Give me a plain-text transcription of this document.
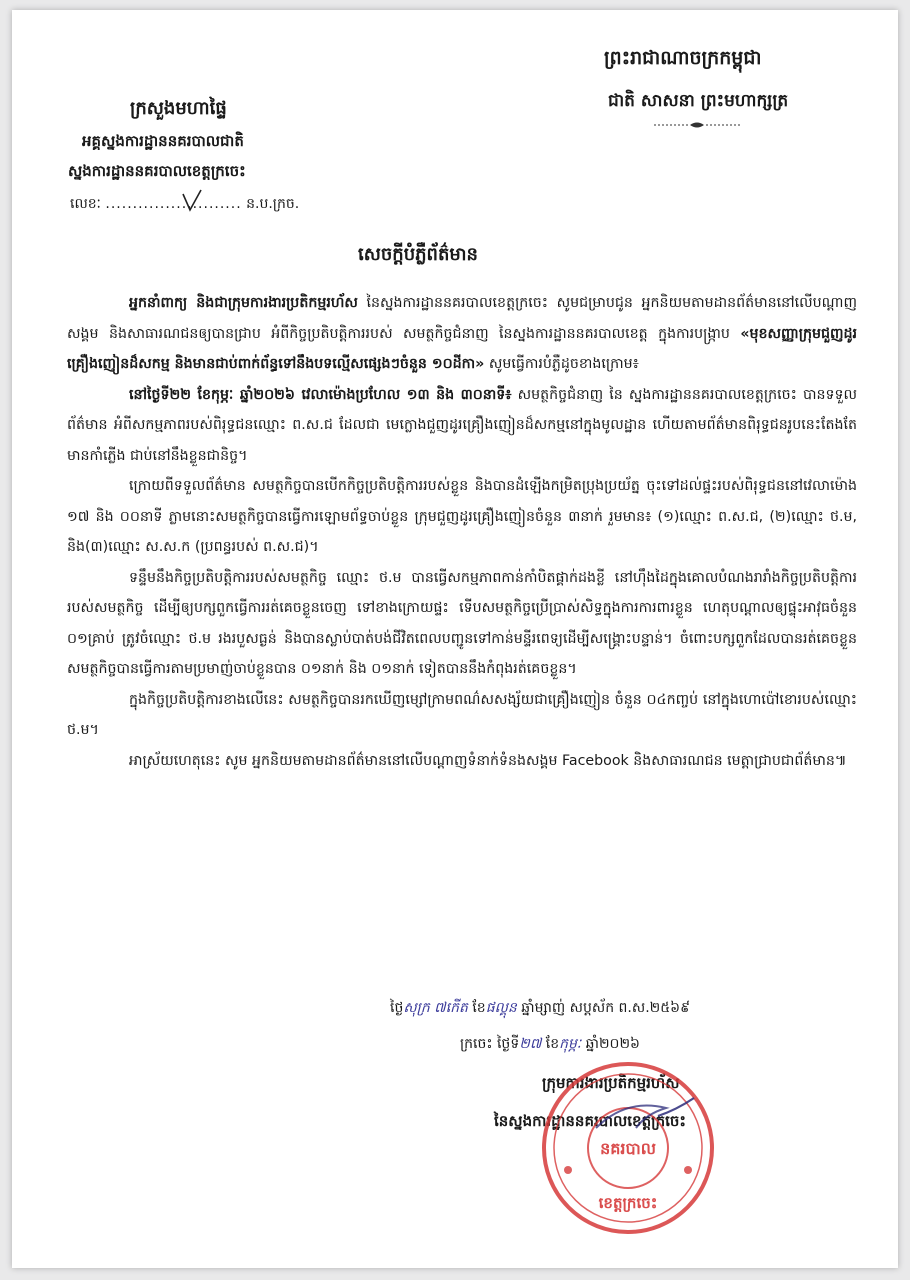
ព្រះរាជាណាចក្រកម្ពុជា
ជាតិ សាសនា ព្រះមហាក្សត្រ
ក្រសួងមហាផ្ទៃ
អគ្គស្នងការដ្ឋាននគរបាលជាតិ
ស្នងការដ្ឋាននគរបាលខេត្តក្រចេះ
លេខៈ ......................... ន.ប.ក្រច.
សេចក្តីបំភ្លឺព័ត៌មាន

អ្នកនាំពាក្យ និងជាក្រុមការងារប្រតិកម្មរហ័ស នៃស្នងការដ្ឋាននគរបាលខេត្តក្រចេះ សូមជម្រាបជូន អ្នកនិយមតាមដានព័ត៌មាននៅលើបណ្តាញសង្គម និងសាធារណជនឲ្យបានជ្រាប អំពីកិច្ចប្រតិបត្តិការរបស់ សមត្ថកិច្ចជំនាញ នៃស្នងការដ្ឋាននគរបាលខេត្ត ក្នុងការបង្ក្រាប «មុខសញ្ញាក្រុមជួញដូរគ្រឿងញៀនដ៏សកម្ម និងមានជាប់ពាក់ព័ន្ធទៅនឹងបទល្មើសផ្សេងៗចំនួន ១០ដីកា» សូមធ្វើការបំភ្លឺដូចខាងក្រោម៖

នៅថ្ងៃទី២២ ខែកុម្ភៈ ឆ្នាំ២០២៦ វេលាម៉ោងប្រហែល ១៣ និង ៣០នាទី៖ សមត្ថកិច្ចជំនាញ នៃ ស្នងការដ្ឋាននគរបាលខេត្តក្រចេះ បានទទួលព័ត៌មាន អំពីសកម្មភាពរបស់ពិរុទ្ធជនឈ្មោះ ព.ស.ជ ដែលជា មេក្លោងជួញដូរគ្រឿងញៀនដ៏សកម្មនៅក្នុងមូលដ្ឋាន ហើយតាមព័ត៌មានពិរុទ្ធជនរូបនេះតែងតែមានកាំភ្លើង ជាប់នៅនឹងខ្លួនជានិច្ច។

ក្រោយពីទទួលព័ត៌មាន សមត្ថកិច្ចបានបើកកិច្ចប្រតិបត្តិការរបស់ខ្លួន និងបានដំឡើងកម្រិតប្រុងប្រយ័ត្ន ចុះទៅដល់ផ្ទះរបស់ពិរុទ្ធជននៅវេលាម៉ោង ១៧ និង ០០នាទី ភ្លាមនោះសមត្ថកិច្ចបានធ្វើការឡោមព័ទ្ធចាប់ខ្លួន ក្រុមជួញដូរគ្រឿងញៀនចំនួន ៣នាក់ រួមមាន៖ (១)ឈ្មោះ ព.ស.ជ, (២)ឈ្មោះ ថ.ម, និង(៣)ឈ្មោះ ស.ស.ក (ប្រពន្ធរបស់ ព.ស.ជ)។

ទន្ទឹមនឹងកិច្ចប្រតិបត្តិការរបស់សមត្ថកិច្ច ឈ្មោះ ថ.ម បានធ្វើសកម្មភាពកាន់កាំបិតផ្គាក់ដងខ្លី នៅហ៊ឹងដៃក្នុងគោលបំណងរារាំងកិច្ចប្រតិបត្តិការរបស់សមត្ថកិច្ច ដើម្បីឲ្យបក្សពួកធ្វើការរត់គេចខ្លួនចេញ ទៅខាងក្រោយផ្ទះ ទើបសមត្ថកិច្ចប្រើប្រាស់សិទ្ធក្នុងការការពារខ្លួន ហេតុបណ្តាលឲ្យផ្ទុះអាវុធចំនួន ០១គ្រាប់ ត្រូវចំឈ្មោះ ថ.ម រងរបួសធ្ងន់ និងបានស្លាប់បាត់បង់ជីវិតពេលបញ្ជូនទៅកាន់មន្ទីរពេទ្យដើម្បីសង្គ្រោះបន្ទាន់។ ចំពោះបក្សពួកដែលបានរត់គេចខ្លួន សមត្ថកិច្ចបានធ្វើការតាមប្រមាញ់ចាប់ខ្លួនបាន ០១នាក់ និង ០១នាក់ ទៀតបាននឹងកំពុងរត់គេចខ្លួន។

ក្នុងកិច្ចប្រតិបត្តិការខាងលើនេះ សមត្ថកិច្ចបានរកឃើញម្សៅក្រាមពណ៌សសង្ស័យជាគ្រឿងញៀន ចំនួន ០៤កញ្ចប់ នៅក្នុងហោប៉ៅខោរបស់ឈ្មោះ ថ.ម។

អាស្រ័យហេតុនេះ សូម អ្នកនិយមតាមដានព័ត៌មាននៅលើបណ្តាញទំនាក់ទំនងសង្គម Facebook និងសាធារណជន មេត្តាជ្រាបជាព័ត៌មាន៕

ថ្ងៃសុក្រ ៧កើត ខែផល្គុន ឆ្នាំម្សាញ់ សប្តស័ក ព.ស.២៥៦៩
ក្រចេះ ថ្ងៃទី២៧ ខែកុម្ភៈ ឆ្នាំ២០២៦
ក្រុមការងារប្រតិកម្មរហ័ស
នៃស្នងការដ្ឋាននគរបាលខេត្តក្រចេះ
នគរបាល
ខេត្តក្រចេះ
